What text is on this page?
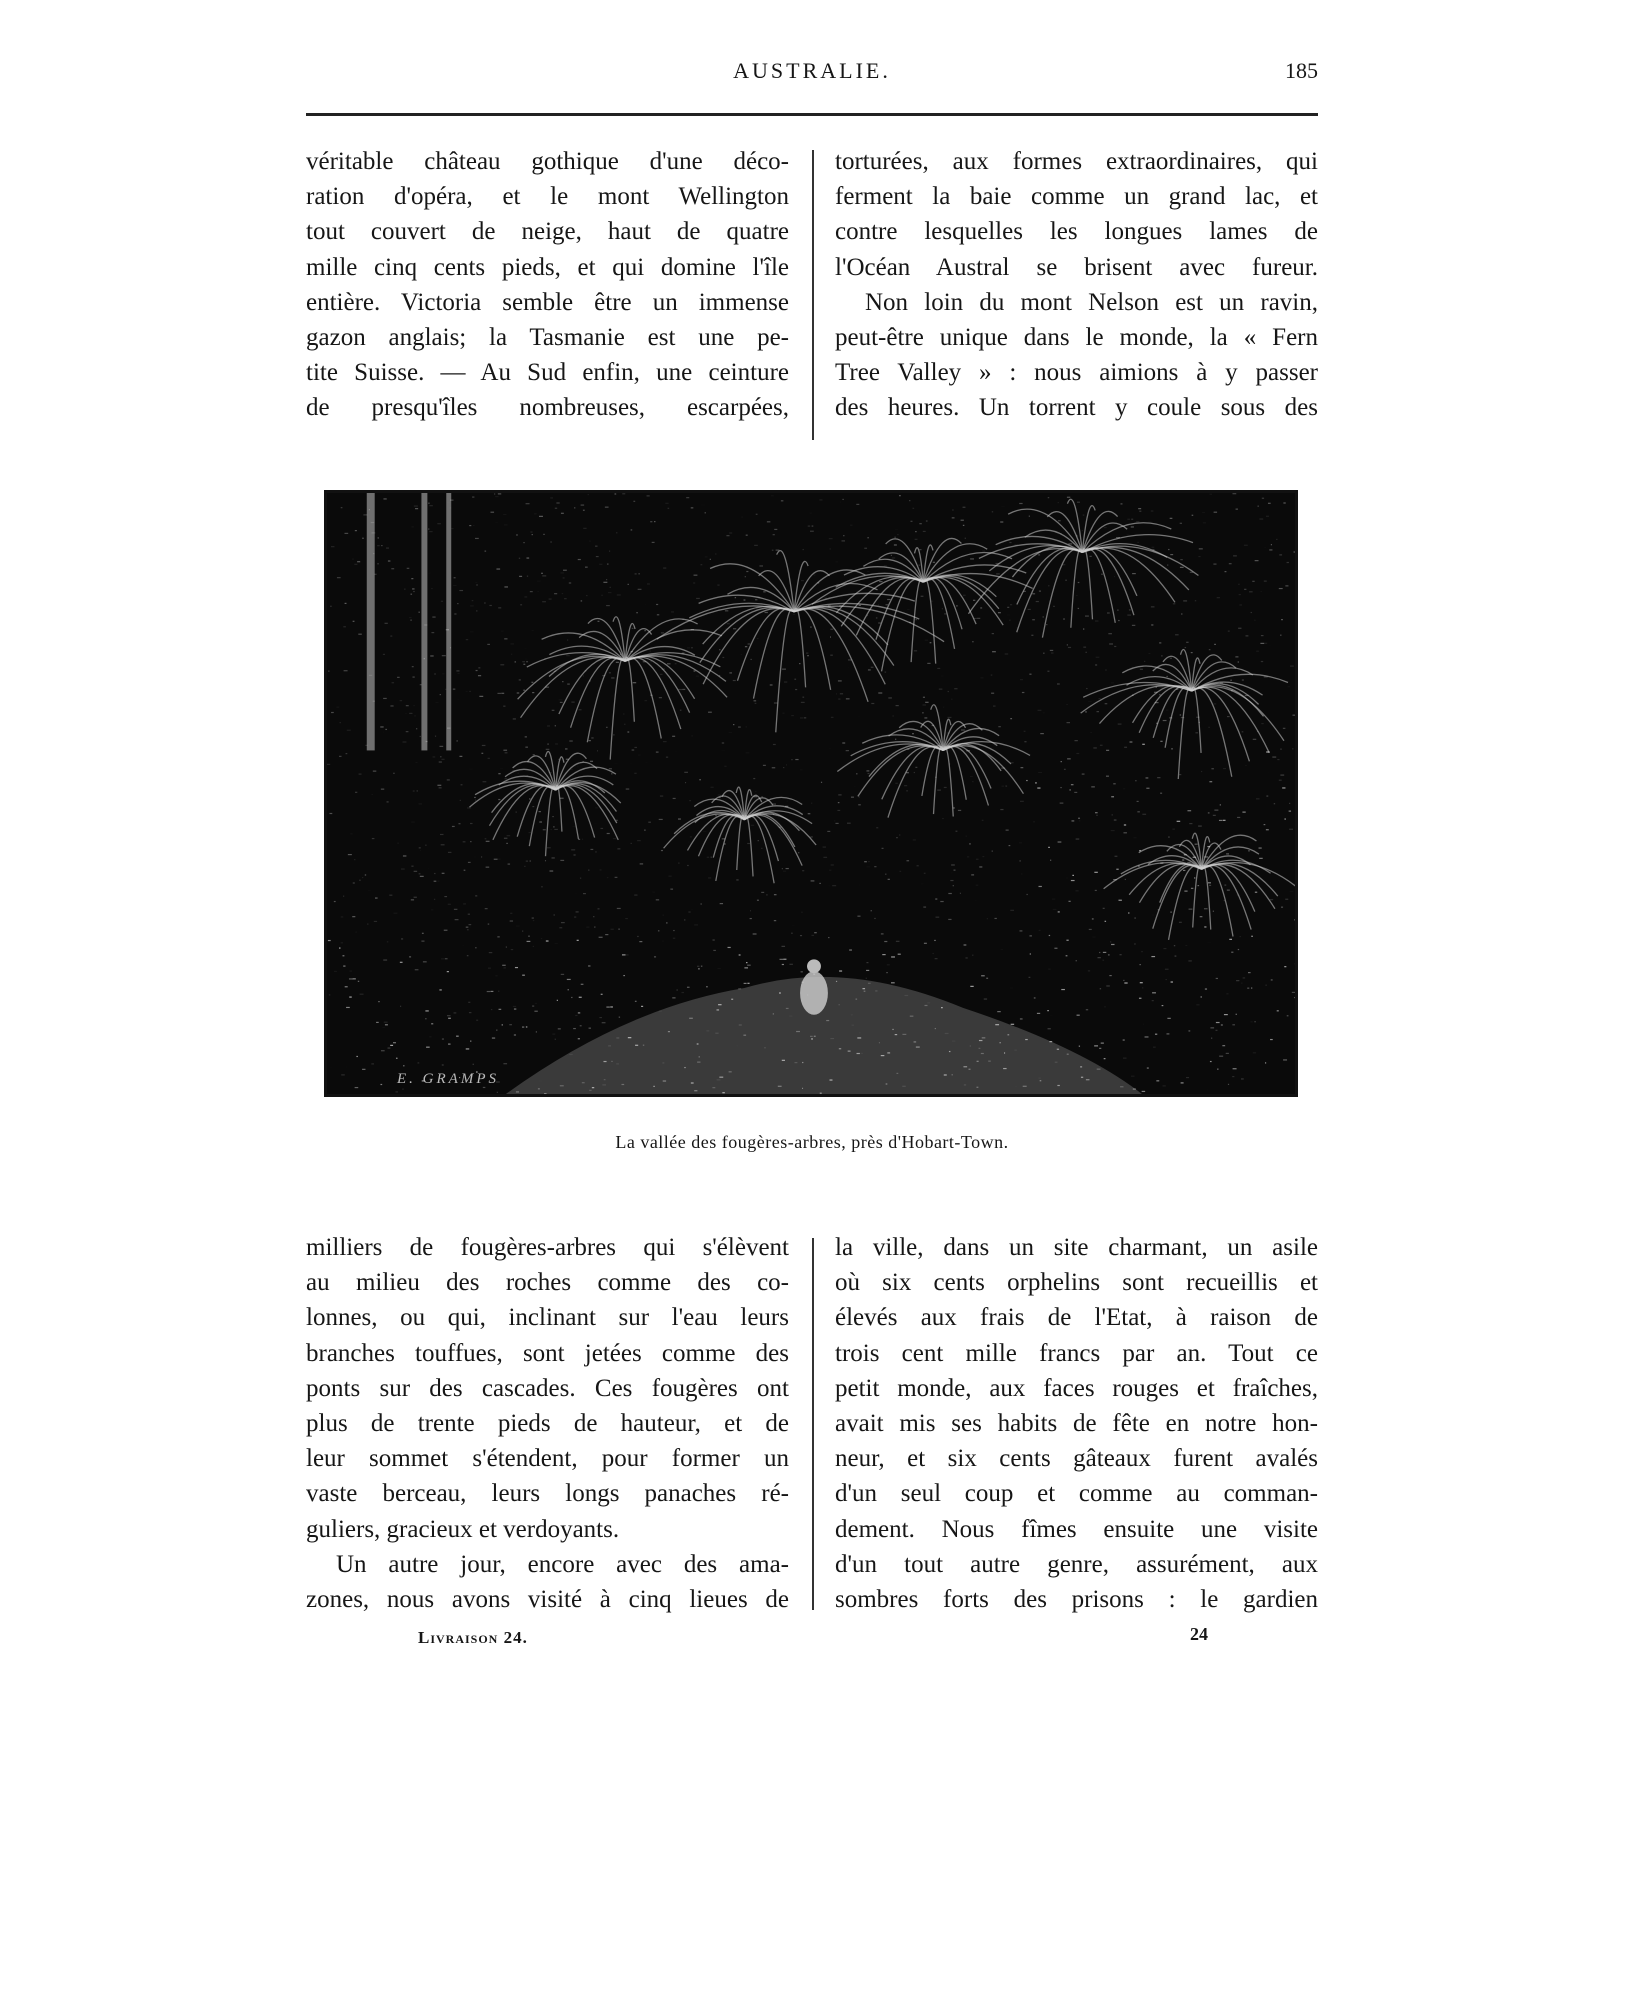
AUSTRALIE.	185
véritable château gothique d'une déco-
ration d'opéra, et le mont Wellington
tout couvert de neige, haut de quatre
mille cinq cents pieds, et qui domine l'île
entière. Victoria semble être un immense
gazon anglais; la Tasmanie est une pe-
tite Suisse. — Au Sud enfin, une ceinture
de presqu'îles nombreuses, escarpées,
torturées, aux formes extraordinaires, qui
ferment la baie comme un grand lac, et
contre lesquelles les longues lames de
l'Océan Austral se brisent avec fureur.
Non loin du mont Nelson est un ravin,
peut-être unique dans le monde, la « Fern
Tree Valley » : nous aimions à y passer
des heures. Un torrent y coule sous des
E. GRAMPS
La vallée des fougères-arbres, près d'Hobart-Town.
milliers de fougères-arbres qui s'élèvent
au milieu des roches comme des co-
lonnes, ou qui, inclinant sur l'eau leurs
branches touffues, sont jetées comme des
ponts sur des cascades. Ces fougères ont
plus de trente pieds de hauteur, et de
leur sommet s'étendent, pour former un
vaste berceau, leurs longs panaches ré-
guliers, gracieux et verdoyants.
Un autre jour, encore avec des ama-
zones, nous avons visité à cinq lieues de
la ville, dans un site charmant, un asile
où six cents orphelins sont recueillis et
élevés aux frais de l'Etat, à raison de
trois cent mille francs par an. Tout ce
petit monde, aux faces rouges et fraîches,
avait mis ses habits de fête en notre hon-
neur, et six cents gâteaux furent avalés
d'un seul coup et comme au comman-
dement. Nous fîmes ensuite une visite
d'un tout autre genre, assurément, aux
sombres forts des prisons : le gardien
Livraison 24.	24
